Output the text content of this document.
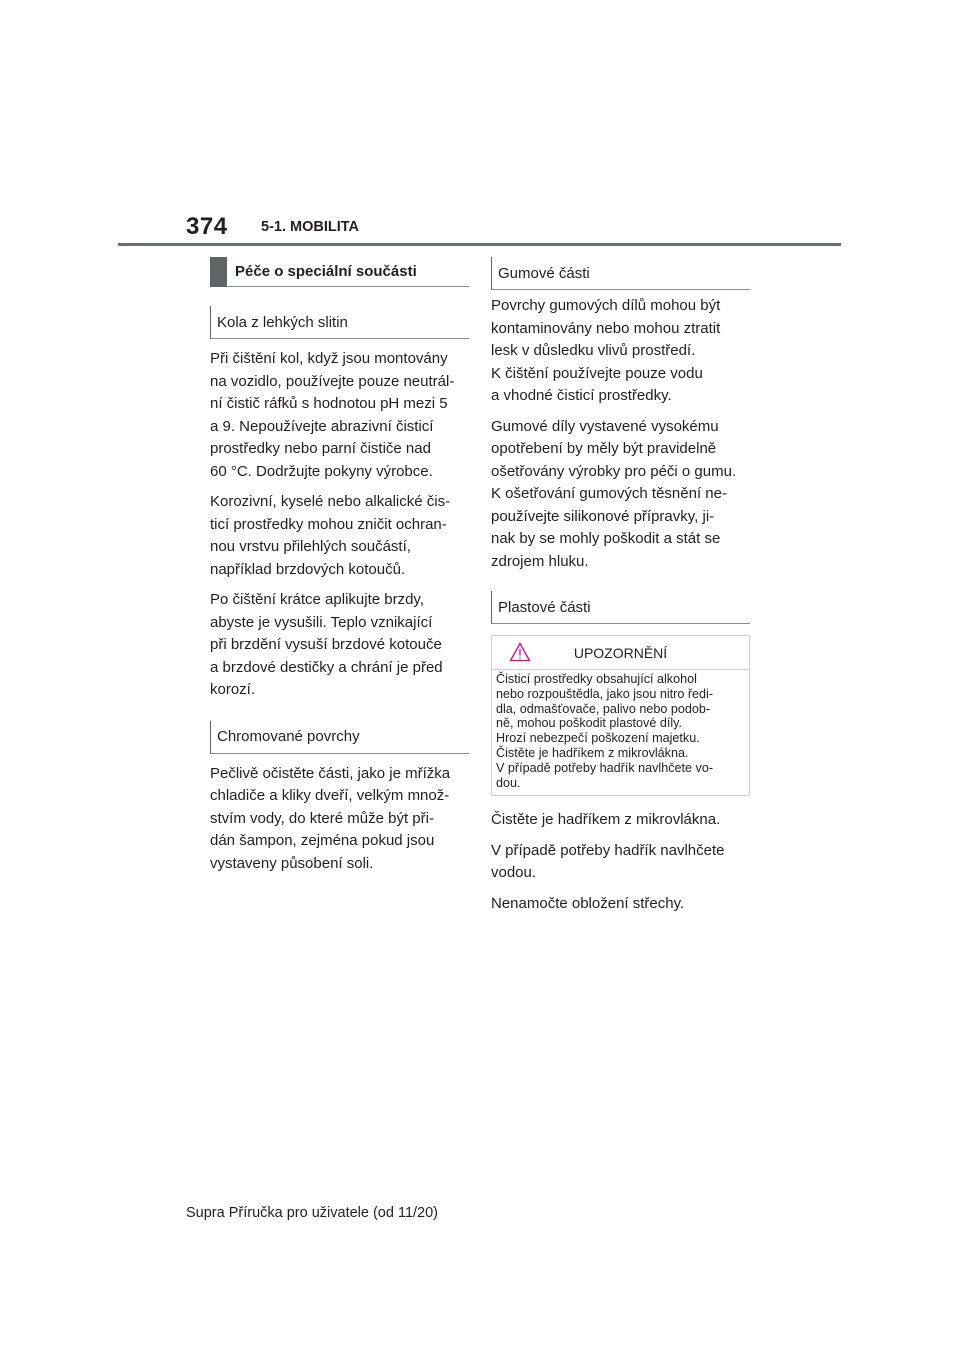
374 5-1. MOBILITA
Péče o speciální součásti
Kola z lehkých slitin

Při čištění kol, když jsou montovány
na vozidlo, používejte pouze neutrál-
ní čistič ráfků s hodnotou pH mezi 5
a 9. Nepoužívejte abrazivní čisticí
prostředky nebo parní čističe nad
60 °C. Dodržujte pokyny výrobce.

Korozivní, kyselé nebo alkalické čis-
ticí prostředky mohou zničit ochran-
nou vrstvu přilehlých součástí,
například brzdových kotoučů.

Po čištění krátce aplikujte brzdy,
abyste je vysušili. Teplo vznikající
při brzdění vysuší brzdové kotouče
a brzdové destičky a chrání je před
korozí.

Chromované povrchy

Pečlivě očistěte části, jako je mřížka
chladiče a kliky dveří, velkým množ-
stvím vody, do které může být při-
dán šampon, zejména pokud jsou
vystaveny působení soli.

Gumové části

Povrchy gumových dílů mohou být
kontaminovány nebo mohou ztratit
lesk v důsledku vlivů prostředí.
K čištění používejte pouze vodu
a vhodné čisticí prostředky.

Gumové díly vystavené vysokému
opotřebení by měly být pravidelně
ošetřovány výrobky pro péči o gumu.
K ošetřování gumových těsnění ne-
používejte silikonové přípravky, ji-
nak by se mohly poškodit a stát se
zdrojem hluku.

Plastové části
UPOZORNĚNÍ
Čisticí prostředky obsahující alkohol
nebo rozpouštědla, jako jsou nitro ředi-
dla, odmašťovače, palivo nebo podob-
ně, mohou poškodit plastové díly.
Hrozí nebezpečí poškození majetku.
Čistěte je hadříkem z mikrovlákna.
V případě potřeby hadřík navlhčete vo-
dou.

Čistěte je hadříkem z mikrovlákna.

V případě potřeby hadřík navlhčete
vodou.

Nenamočte obložení střechy.

Supra Příručka pro uživatele (od 11/20)
